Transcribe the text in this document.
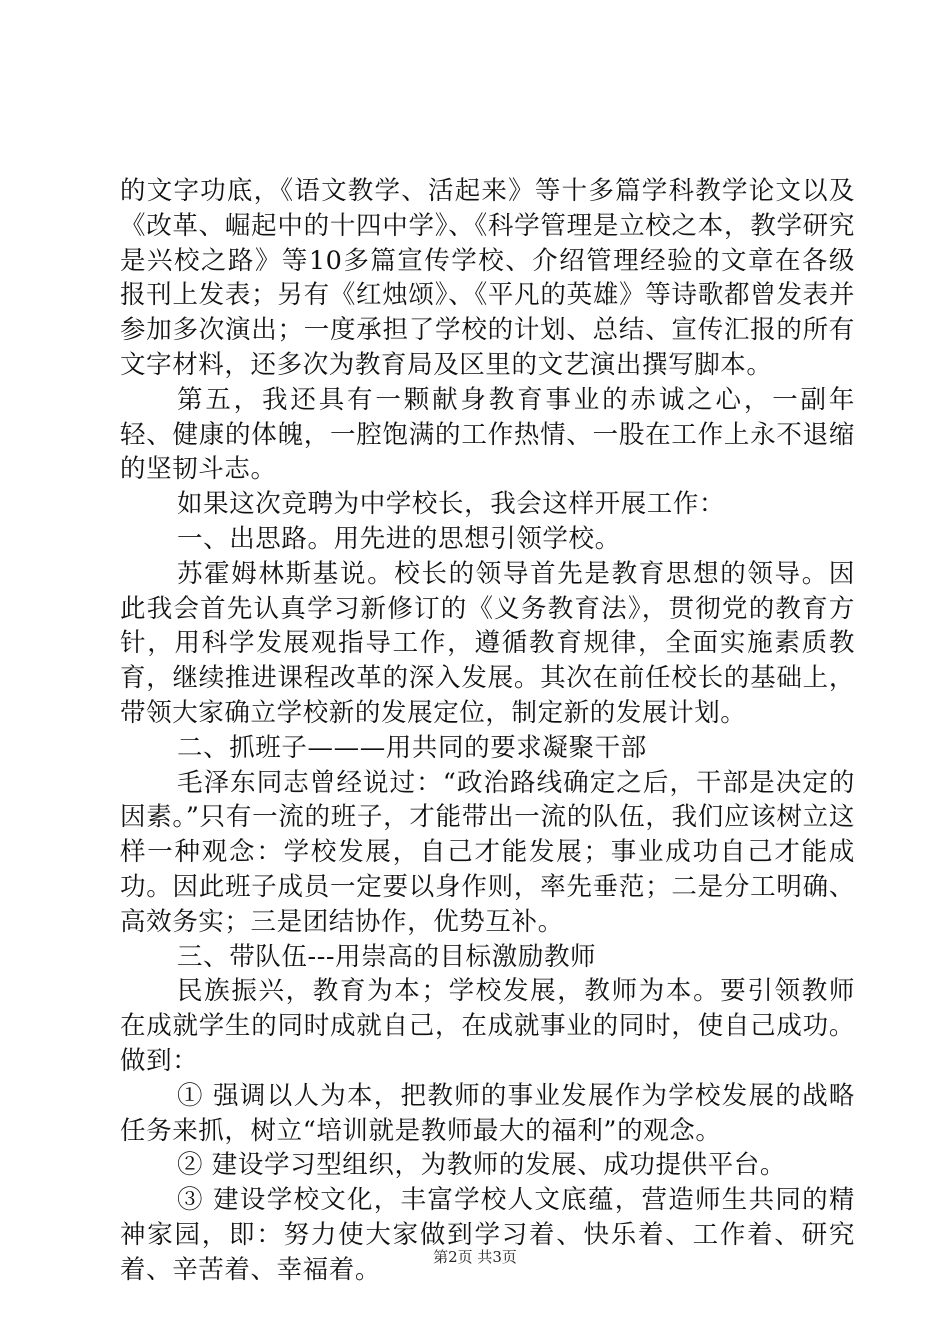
的文字功底，《语文教学、活起来》等十多篇学科教学论文以及《改革、崛起中的十四中学》、《科学管理是立校之本，教学研究是兴校之路》等10多篇宣传学校、介绍管理经验的文章在各级报刊上发表；另有《红烛颂》、《平凡的英雄》等诗歌都曾发表并参加多次演出；一度承担了学校的计划、总结、宣传汇报的所有文字材料，还多次为教育局及区里的文艺演出撰写脚本。

第五，我还具有一颗献身教育事业的赤诚之心，一副年轻、健康的体魄，一腔饱满的工作热情、一股在工作上永不退缩的坚韧斗志。

如果这次竞聘为中学校长，我会这样开展工作：

一、出思路。用先进的思想引领学校。

苏霍姆林斯基说。校长的领导首先是教育思想的领导。因此我会首先认真学习新修订的《义务教育法》，贯彻党的教育方针，用科学发展观指导工作，遵循教育规律，全面实施素质教育，继续推进课程改革的深入发展。其次在前任校长的基础上，带领大家确立学校新的发展定位，制定新的发展计划。

二、抓班子———用共同的要求凝聚干部

毛泽东同志曾经说过：“政治路线确定之后，干部是决定的因素。”只有一流的班子，才能带出一流的队伍，我们应该树立这样一种观念：学校发展，自己才能发展；事业成功自己才能成功。因此班子成员一定要以身作则，率先垂范；二是分工明确、高效务实；三是团结协作，优势互补。

三、带队伍---用崇高的目标激励教师

民族振兴，教育为本；学校发展，教师为本。要引领教师在成就学生的同时成就自己，在成就事业的同时，使自己成功。做到：

① 强调以人为本，把教师的事业发展作为学校发展的战略任务来抓，树立“培训就是教师最大的福利”的观念。

② 建设学习型组织，为教师的发展、成功提供平台。

③ 建设学校文化，丰富学校人文底蕴，营造师生共同的精神家园，即：努力使大家做到学习着、快乐着、工作着、研究着、辛苦着、幸福着。	第2页 共3页
